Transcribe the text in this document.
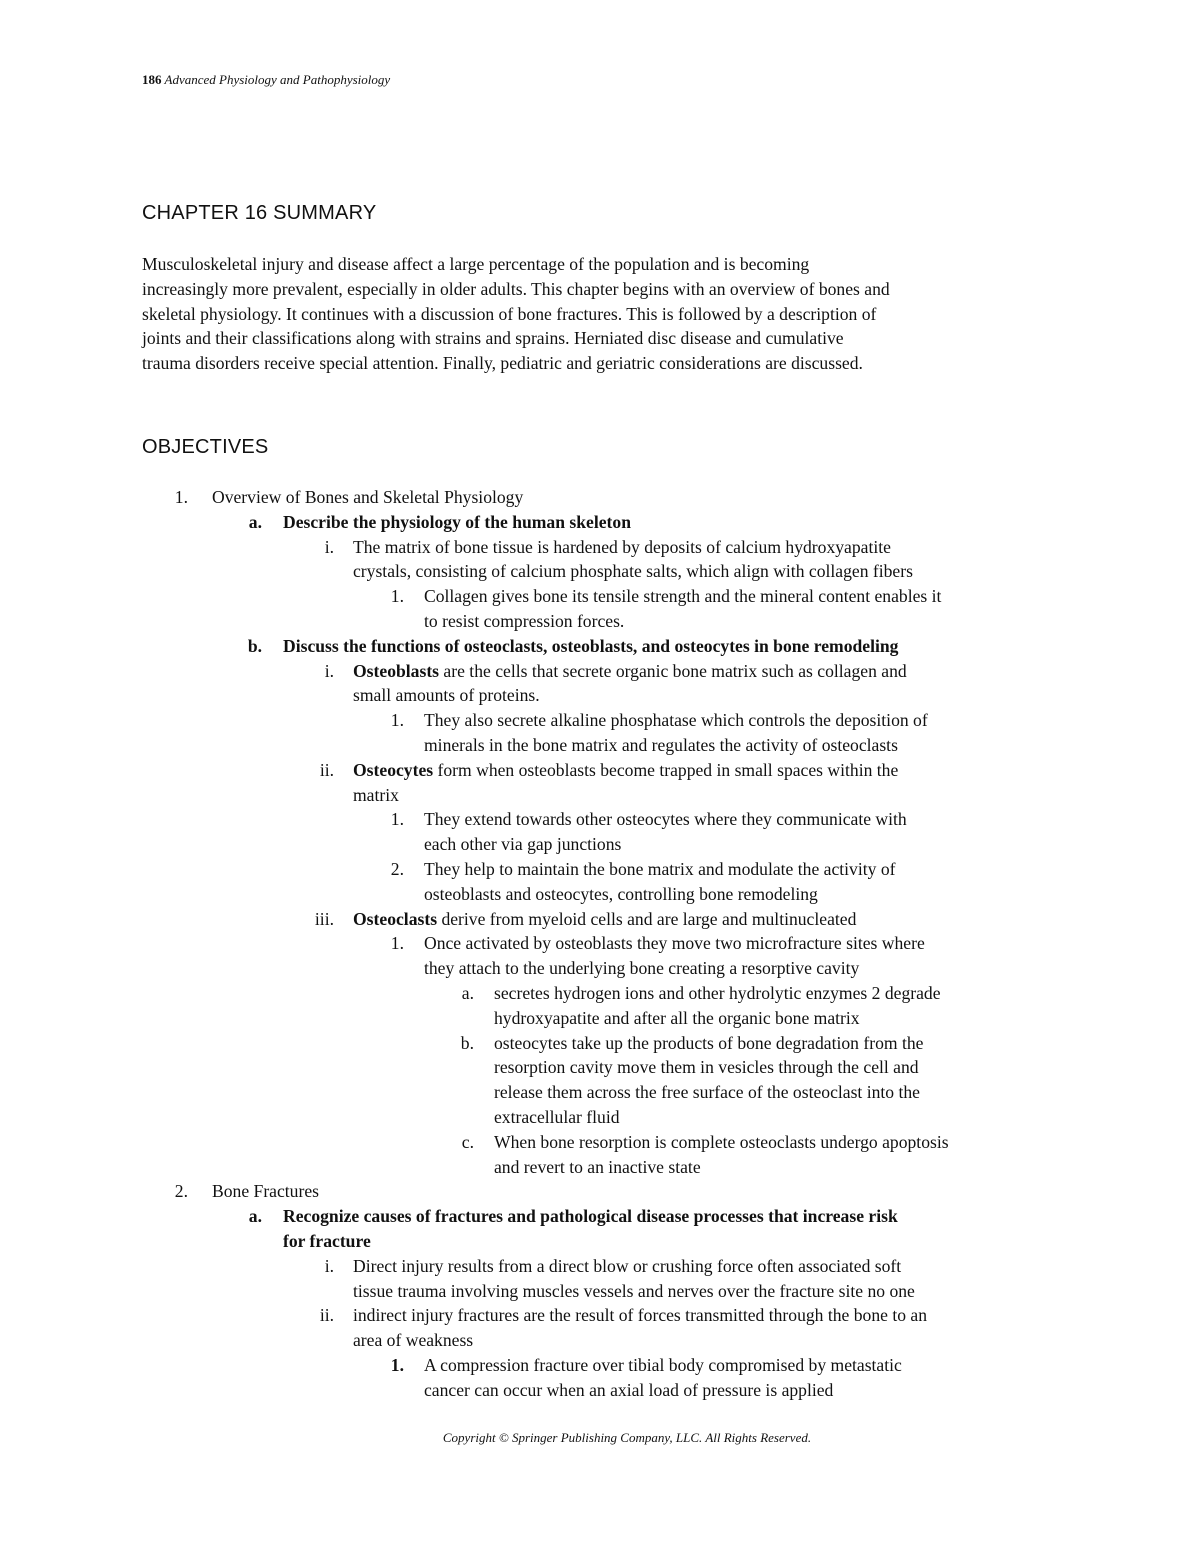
186 Advanced Physiology and Pathophysiology
CHAPTER 16 SUMMARY
Musculoskeletal injury and disease affect a large percentage of the population and is becoming
increasingly more prevalent, especially in older adults. This chapter begins with an overview of bones and
skeletal physiology. It continues with a discussion of bone fractures. This is followed by a description of
joints and their classifications along with strains and sprains. Herniated disc disease and cumulative
trauma disorders receive special attention. Finally, pediatric and geriatric considerations are discussed.
OBJECTIVES
1. Overview of Bones and Skeletal Physiology
a. Describe the physiology of the human skeleton
i. The matrix of bone tissue is hardened by deposits of calcium hydroxyapatite
crystals, consisting of calcium phosphate salts, which align with collagen fibers
1. Collagen gives bone its tensile strength and the mineral content enables it
to resist compression forces.
b. Discuss the functions of osteoclasts, osteoblasts, and osteocytes in bone remodeling
i. Osteoblasts are the cells that secrete organic bone matrix such as collagen and
small amounts of proteins.
1. They also secrete alkaline phosphatase which controls the deposition of
minerals in the bone matrix and regulates the activity of osteoclasts
ii. Osteocytes form when osteoblasts become trapped in small spaces within the
matrix
1. They extend towards other osteocytes where they communicate with
each other via gap junctions
2. They help to maintain the bone matrix and modulate the activity of
osteoblasts and osteocytes, controlling bone remodeling
iii. Osteoclasts derive from myeloid cells and are large and multinucleated
1. Once activated by osteoblasts they move two microfracture sites where
they attach to the underlying bone creating a resorptive cavity
a. secretes hydrogen ions and other hydrolytic enzymes 2 degrade
hydroxyapatite and after all the organic bone matrix
b. osteocytes take up the products of bone degradation from the
resorption cavity move them in vesicles through the cell and
release them across the free surface of the osteoclast into the
extracellular fluid
c. When bone resorption is complete osteoclasts undergo apoptosis
and revert to an inactive state
2. Bone Fractures
a. Recognize causes of fractures and pathological disease processes that increase risk
for fracture
i. Direct injury results from a direct blow or crushing force often associated soft
tissue trauma involving muscles vessels and nerves over the fracture site no one
ii. indirect injury fractures are the result of forces transmitted through the bone to an
area of weakness
1. A compression fracture over tibial body compromised by metastatic
cancer can occur when an axial load of pressure is applied
Copyright © Springer Publishing Company, LLC. All Rights Reserved.
